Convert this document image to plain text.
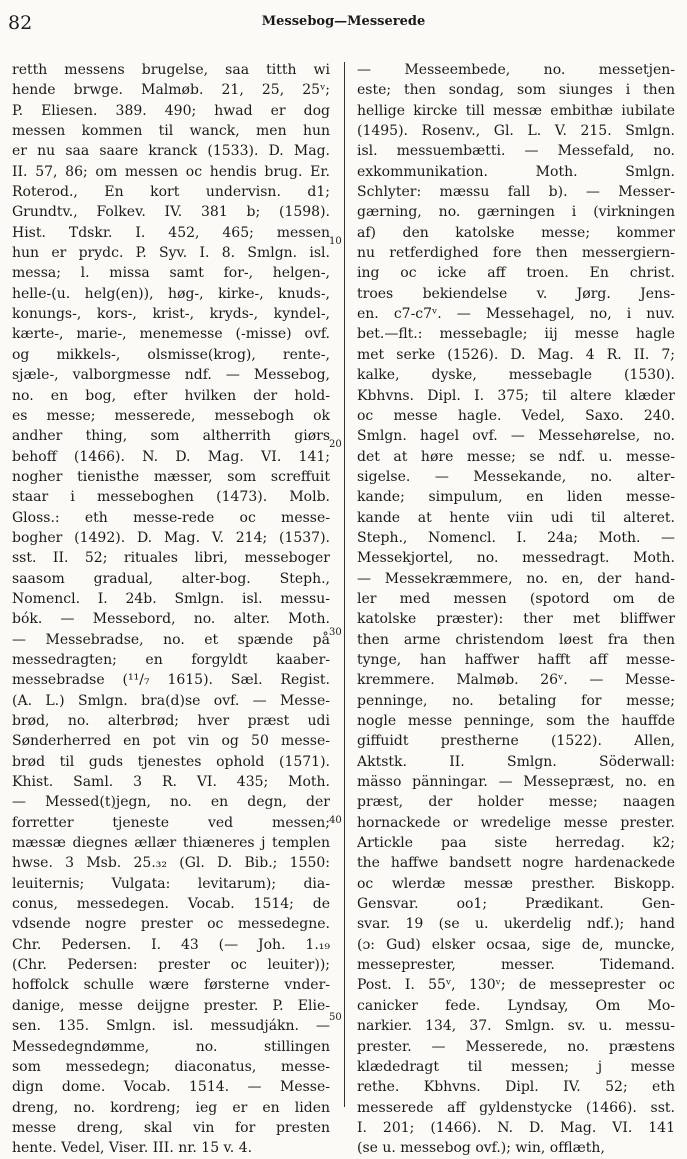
82	Messebog—Messerede
10
20
30
40
50
retth messens brugelse, saa titth wi
hende brwge. Malmøb. 21, 25, 25ᵛ;
P. Eliesen. 389. 490; hwad er dog
messen kommen til wanck, men hun
er nu saa saare kranck (1533). D. Mag.
II. 57, 86; om messen oc hendis brug. Er.
Roterod., En kort undervisn. d1;
Grundtv., Folkev. IV. 381 b; (1598).
Hist. Tdskr. I. 452, 465; messen
hun er prydc. P. Syv. I. 8. Smlgn. isl.
messa; l. missa samt for-, helgen-,
helle-(u. helg(en)), høg-, kirke-, knuds-,
konungs-, kors-, krist-, kryds-, kyndel-,
kærte-, marie-, menemesse (-misse) ovf.
og mikkels-, olsmisse(krog), rente-,
sjæle-, valborgmesse ndf. — Messebog,
no. en bog, efter hvilken der hold-
es messe; messerede, messebogh ok
andher thing, som altherrith giørs
behoff (1466). N. D. Mag. VI. 141;
nogher tienisthe mæsser, som screffuit
staar i messeboghen (1473). Molb.
Gloss.: eth messe-rede oc messe-
bogher (1492). D. Mag. V. 214; (1537).
sst. II. 52; rituales libri, messeboger
saasom gradual, alter-bog. Steph.,
Nomencl. I. 24b. Smlgn. isl. messu-
bók. — Messebord, no. alter. Moth.
— Messebradse, no. et spænde på
messedragten; en forgyldt kaaber-
messebradse (¹¹/₇ 1615). Sæl. Regist.
(A. L.) Smlgn. bra(d)se ovf. — Messe-
brød, no. alterbrød; hver præst udi
Sønderherred en pot vin og 50 messe-
brød til guds tjenestes ophold (1571).
Khist. Saml. 3 R. VI. 435; Moth.
— Messed(t)jegn, no. en degn, der
forretter tjeneste ved messen;
mæssæ diegnes ællær thiæneres j templen
hwse. 3 Msb. 25.₃₂ (Gl. D. Bib.; 1550:
leuiternis; Vulgata: levitarum); dia-
conus, messedegen. Vocab. 1514; de
vdsende nogre prester oc messedegne.
Chr. Pedersen. I. 43 (— Joh. 1.₁₉
(Chr. Pedersen: prester oc leuiter));
hoffolck schulle wære førsterne vnder-
danige, messe deijgne prester. P. Elie-
sen. 135. Smlgn. isl. messudjákn. —
Messedegndømme, no. stillingen
som messedegn; diaconatus, messe-
dign dome. Vocab. 1514. — Messe-
dreng, no. kordreng; ieg er en liden
messe dreng, skal vin for presten
hente. Vedel, Viser. III. nr. 15 v. 4.
— Messeembede, no. messetjen-
este; then sondag, som siunges i then
hellige kircke till messæ embithæ iubilate
(1495). Rosenv., Gl. L. V. 215. Smlgn.
isl. messuembætti. — Messefald, no.
exkommunikation. Moth. Smlgn.
Schlyter: mæssu fall b). — Messer-
gærning, no. gærningen i (virkningen
af) den katolske messe; kommer
nu retferdighed fore then messergiern-
ing oc icke aff troen. En christ.
troes bekiendelse v. Jørg. Jens-
en. c7-c7ᵛ. — Messehagel, no, i nuv.
bet.—flt.: messebagle; iij messe hagle
met serke (1526). D. Mag. 4 R. II. 7;
kalke, dyske, messebagle (1530).
Kbhvns. Dipl. I. 375; til altere klæder
oc messe hagle. Vedel, Saxo. 240.
Smlgn. hagel ovf. — Messehørelse, no.
det at høre messe; se ndf. u. messe-
sigelse. — Messekande, no. alter-
kande; simpulum, en liden messe-
kande at hente viin udi til alteret.
Steph., Nomencl. I. 24a; Moth. —
Messekjortel, no. messedragt. Moth.
— Messekræmmere, no. en, der hand-
ler med messen (spotord om de
katolske præster): ther met bliffwer
then arme christendom løest fra then
tynge, han haffwer hafft aff messe-
kremmere. Malmøb. 26ᵛ. — Messe-
penninge, no. betaling for messe;
nogle messe penninge, som the hauffde
giffuidt prestherne (1522). Allen,
Aktstk. II. Smlgn. Söderwall:
mässo pänningar. — Messepræst, no. en
præst, der holder messe; naagen
hornackede or wredelige messe prester.
Artickle paa siste herredag. k2;
the haffwe bandsett nogre hardenackede
oc wlerdæ messæ presther. Biskopp.
Gensvar. oo1; Prædikant. Gen-
svar. 19 (se u. ukerdelig ndf.); hand
(ɔ: Gud) elsker ocsaa, sige de, muncke,
messeprester, messer. Tidemand.
Post. I. 55ᵛ, 130ᵛ; de messeprester oc
canicker fede. Lyndsay, Om Mo-
narkier. 134, 37. Smlgn. sv. u. messu-
prester. — Messerede, no. præstens
klædedragt til messen; j messe
rethe. Kbhvns. Dipl. IV. 52; eth
messerede aff gyldenstycke (1466). sst.
I. 201; (1466). N. D. Mag. VI. 141
(se u. messebog ovf.); win, offlæth,
